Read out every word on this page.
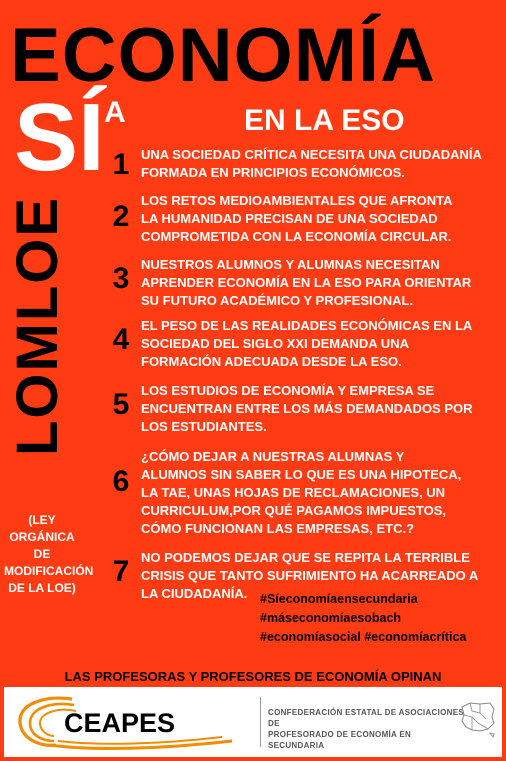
ECONOMÍA
SÍ A	EN LA ESO
LOMLOE
(LEY ORGÁNICA
DE
MODIFICACIÓN
DE LA LOE)
1 UNA SOCIEDAD CRÍTICA NECESITA UNA CIUDADANÍA
FORMADA EN PRINCIPIOS ECONÓMICOS.
2 LOS RETOS MEDIOAMBIENTALES QUE AFRONTA
LA HUMANIDAD PRECISAN DE UNA SOCIEDAD
COMPROMETIDA CON LA ECONOMÍA CIRCULAR.
3 NUESTROS ALUMNOS Y ALUMNAS NECESITAN
APRENDER ECONOMÍA EN LA ESO PARA ORIENTAR
SU FUTURO ACADÉMICO Y PROFESIONAL.
4 EL PESO DE LAS REALIDADES ECONÓMICAS EN LA
SOCIEDAD DEL SIGLO XXI DEMANDA UNA
FORMACIÓN ADECUADA DESDE LA ESO.
5 LOS ESTUDIOS DE ECONOMÍA Y EMPRESA SE
ENCUENTRAN ENTRE LOS MÁS DEMANDADOS POR
LOS ESTUDIANTES.
6
¿CÓMO DEJAR A NUESTRAS ALUMNAS Y
ALUMNOS SIN SABER LO QUE ES UNA HIPOTECA,
LA TAE, UNAS HOJAS DE RECLAMACIONES, UN
CURRICULUM,POR QUÉ PAGAMOS IMPUESTOS,
CÓMO FUNCIONAN LAS EMPRESAS, ETC.?
7 NO PODEMOS DEJAR QUE SE REPITA LA TERRIBLE
CRISIS QUE TANTO SUFRIMIENTO HA ACARREADO A
LA CIUDADANÍA.	#Síeconomíaensecundaria
#máseconomíaesobach
#economíasocial #economíacrítica
LAS PROFESORAS Y PROFESORES DE ECONOMÍA OPINAN
CEAPES	CONFEDERACIÓN ESTATAL DE ASOCIACIONES DE
PROFESORADO DE ECONOMÍA EN SECUNDARIA
